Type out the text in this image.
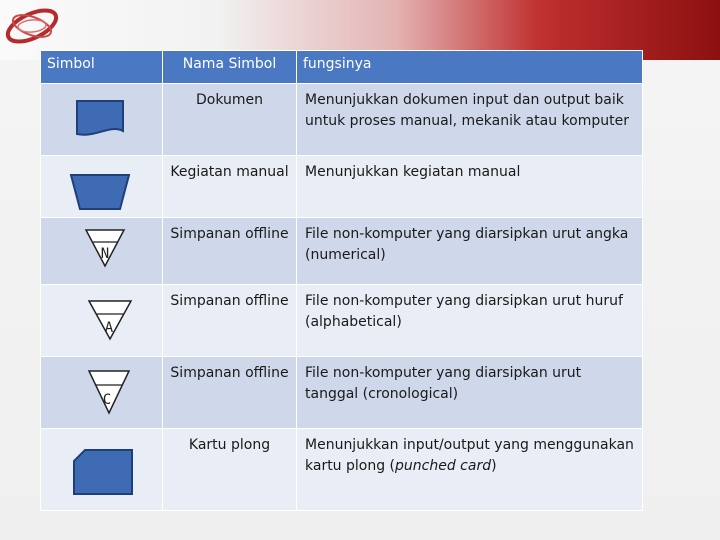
Simbol	Nama Simbol	fungsinya

	Dokumen	Menunjukkan dokumen input dan output baik untuk proses manual, mekanik atau komputer

	Kegiatan manual	Menunjukkan kegiatan manual

N	Simpanan offline	File non-komputer yang diarsipkan urut angka (numerical)

A	Simpanan offline	File non-komputer yang diarsipkan urut huruf (alphabetical)

C	Simpanan offline	File non-komputer yang diarsipkan urut tanggal (cronological)

	Kartu plong	Menunjukkan input/output yang menggunakan kartu plong (punched card)
